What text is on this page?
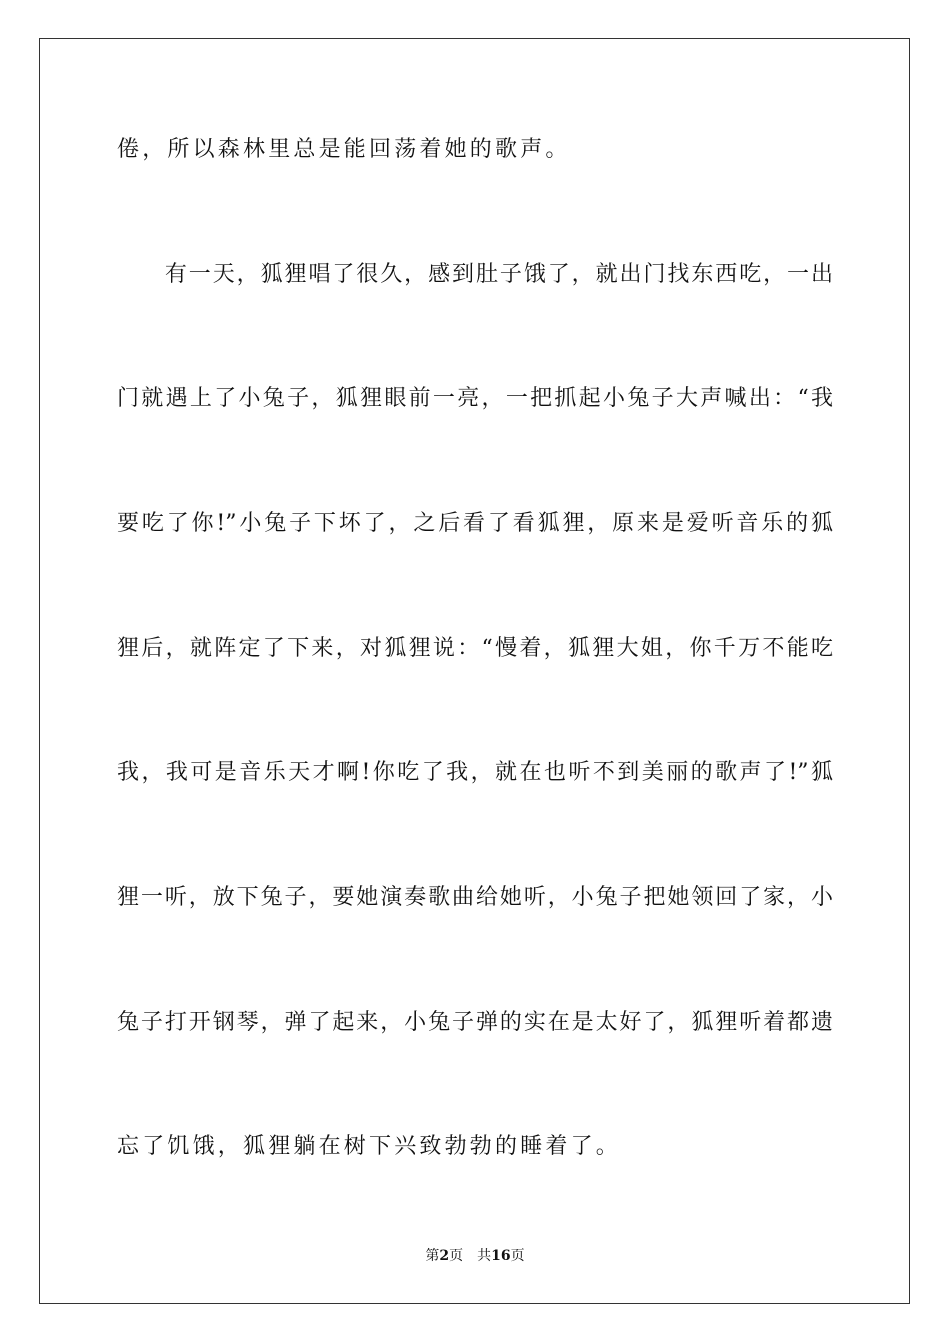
倦，所以森林里总是能回荡着她的歌声。
　　有一天，狐狸唱了很久，感到肚子饿了，就出门找东西吃，一出
门就遇上了小兔子，狐狸眼前一亮，一把抓起小兔子大声喊出：“我
要吃了你!”小兔子下坏了，之后看了看狐狸，原来是爱听音乐的狐
狸后，就阵定了下来，对狐狸说：“慢着，狐狸大姐，你千万不能吃
我，我可是音乐天才啊!你吃了我，就在也听不到美丽的歌声了!”狐
狸一听，放下兔子，要她演奏歌曲给她听，小兔子把她领回了家，小
兔子打开钢琴，弹了起来，小兔子弹的实在是太好了，狐狸听着都遗
忘了饥饿，狐狸躺在树下兴致勃勃的睡着了。
第2页 共16页
